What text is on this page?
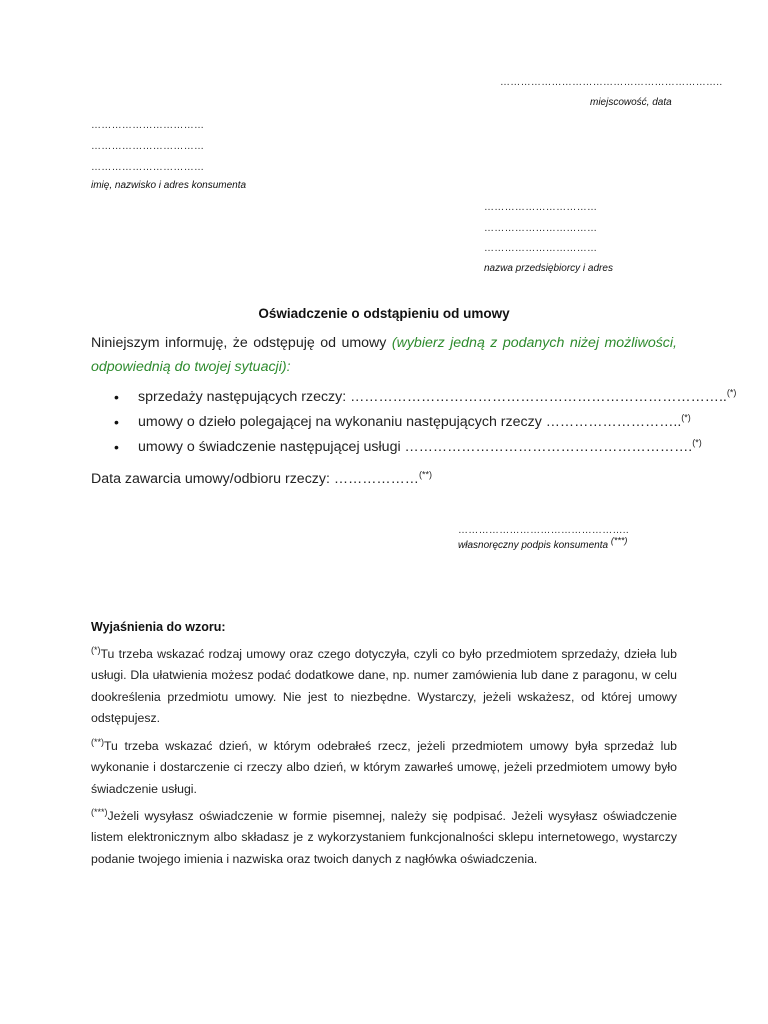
………………………………………………………..
miejscowość, data
……………………………
……………………………
……………………………
imię, nazwisko i adres konsumenta
……………………………
……………………………
……………………………
nazwa przedsiębiorcy i adres
Oświadczenie o odstąpieniu od umowy
Niniejszym informuję, że odstępuję od umowy (wybierz jedną z podanych niżej możliwości,
odpowiednią do twojej sytuacji):
• sprzedaży następujących rzeczy: ……………………………………………………………………..(*)
• umowy o dzieło polegającej na wykonaniu następujących rzeczy ………………………..(*)
• umowy o świadczenie następującej usługi …………………………………………………….(*)
Data zawarcia umowy/odbioru rzeczy: ………………(**)
…………………………………………..
własnoręczny podpis konsumenta (***)
Wyjaśnienia do wzoru:
(*)Tu trzeba wskazać rodzaj umowy oraz czego dotyczyła, czyli co było przedmiotem sprzedaży, dzieła lub usługi. Dla ułatwienia możesz podać dodatkowe dane, np. numer zamówienia lub dane z paragonu, w celu dookreślenia przedmiotu umowy. Nie jest to niezbędne. Wystarczy, jeżeli wskażesz, od której umowy odstępujesz.
(**)Tu trzeba wskazać dzień, w którym odebrałeś rzecz, jeżeli przedmiotem umowy była sprzedaż lub wykonanie i dostarczenie ci rzeczy albo dzień, w którym zawarłeś umowę, jeżeli przedmiotem umowy było świadczenie usługi.
(***)Jeżeli wysyłasz oświadczenie w formie pisemnej, należy się podpisać. Jeżeli wysyłasz oświadczenie listem elektronicznym albo składasz je z wykorzystaniem funkcjonalności sklepu internetowego, wystarczy podanie twojego imienia i nazwiska oraz twoich danych z nagłówka oświadczenia.
